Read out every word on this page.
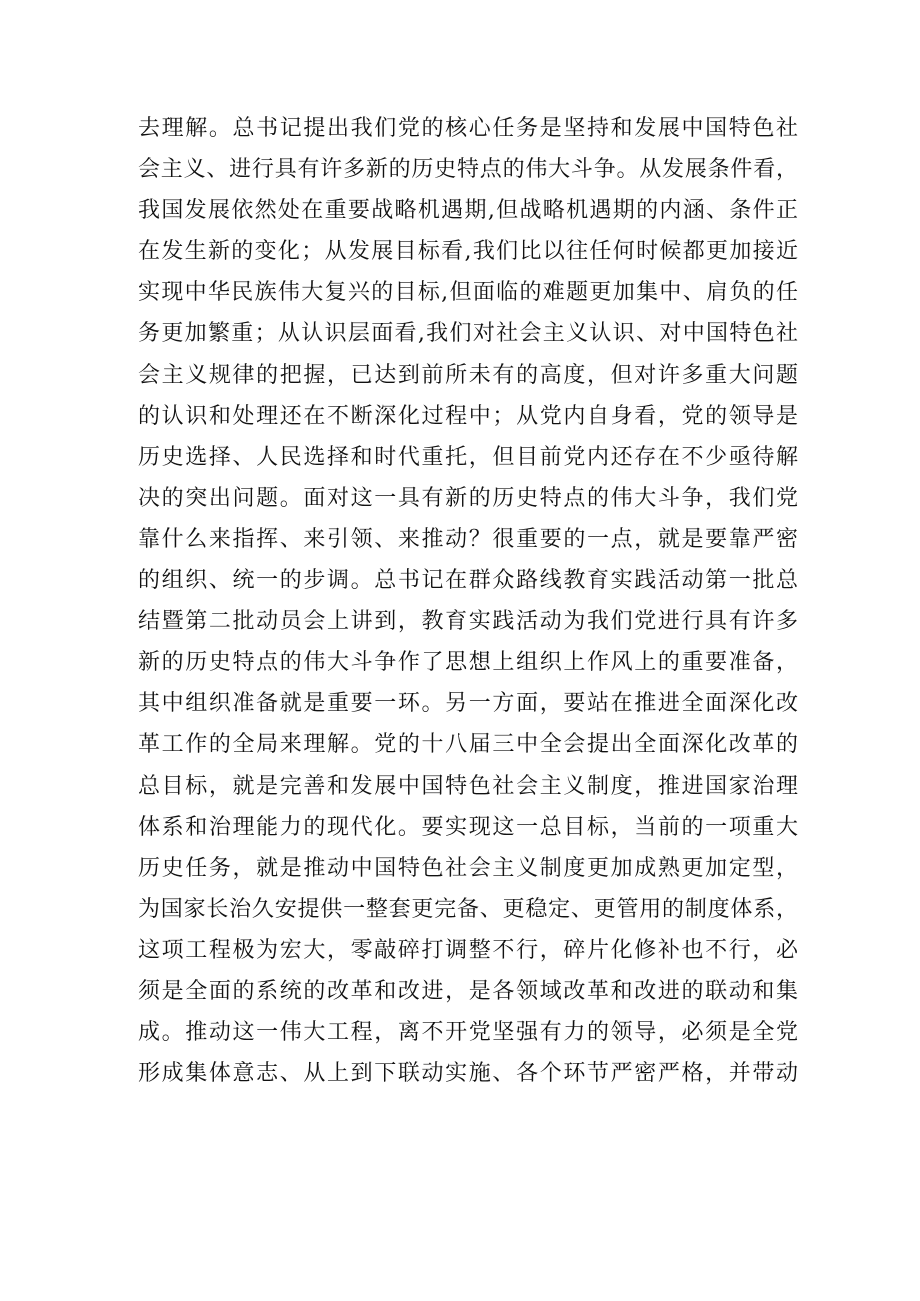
去理解。总书记提出我们党的核心任务是坚持和发展中国特色社
会主义、进行具有许多新的历史特点的伟大斗争。从发展条件看，
我国发展依然处在重要战略机遇期,但战略机遇期的内涵、条件正
在发生新的变化；从发展目标看,我们比以往任何时候都更加接近
实现中华民族伟大复兴的目标,但面临的难题更加集中、肩负的任
务更加繁重；从认识层面看,我们对社会主义认识、对中国特色社
会主义规律的把握，已达到前所未有的高度，但对许多重大问题
的认识和处理还在不断深化过程中；从党内自身看，党的领导是
历史选择、人民选择和时代重托，但目前党内还存在不少亟待解
决的突出问题。面对这一具有新的历史特点的伟大斗争，我们党
靠什么来指挥、来引领、来推动？很重要的一点，就是要靠严密
的组织、统一的步调。总书记在群众路线教育实践活动第一批总
结暨第二批动员会上讲到，教育实践活动为我们党进行具有许多
新的历史特点的伟大斗争作了思想上组织上作风上的重要准备，
其中组织准备就是重要一环。另一方面，要站在推进全面深化改
革工作的全局来理解。党的十八届三中全会提出全面深化改革的
总目标，就是完善和发展中国特色社会主义制度，推进国家治理
体系和治理能力的现代化。要实现这一总目标，当前的一项重大
历史任务，就是推动中国特色社会主义制度更加成熟更加定型，
为国家长治久安提供一整套更完备、更稳定、更管用的制度体系，
这项工程极为宏大，零敲碎打调整不行，碎片化修补也不行，必
须是全面的系统的改革和改进，是各领域改革和改进的联动和集
成。推动这一伟大工程，离不开党坚强有力的领导，必须是全党
形成集体意志、从上到下联动实施、各个环节严密严格，并带动
